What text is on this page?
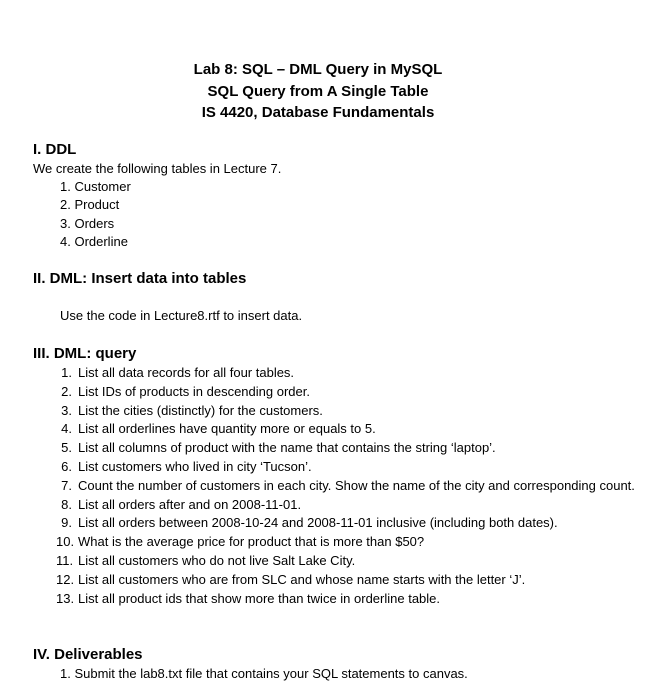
Lab 8: SQL – DML Query in MySQL
SQL Query from A Single Table
IS 4420, Database Fundamentals
I. DDL
We create the following tables in Lecture 7.
1. Customer
2. Product
3. Orders
4. Orderline
II. DML: Insert data into tables
Use the code in Lecture8.rtf to insert data.
III. DML: query
1. List all data records for all four tables.
2. List IDs of products in descending order.
3. List the cities (distinctly) for the customers.
4. List all orderlines have quantity more or equals to 5.
5. List all columns of product with the name that contains the string ‘laptop’.
6. List customers who lived in city ‘Tucson’.
7. Count the number of customers in each city. Show the name of the city and corresponding count.
8. List all orders after and on 2008-11-01.
9. List all orders between 2008-10-24 and 2008-11-01 inclusive (including both dates).
10. What is the average price for product that is more than $50?
11. List all customers who do not live Salt Lake City.
12. List all customers who are from SLC and whose name starts with the letter ‘J’.
13. List all product ids that show more than twice in orderline table.
IV. Deliverables
1. Submit the lab8.txt file that contains your SQL statements to canvas.
